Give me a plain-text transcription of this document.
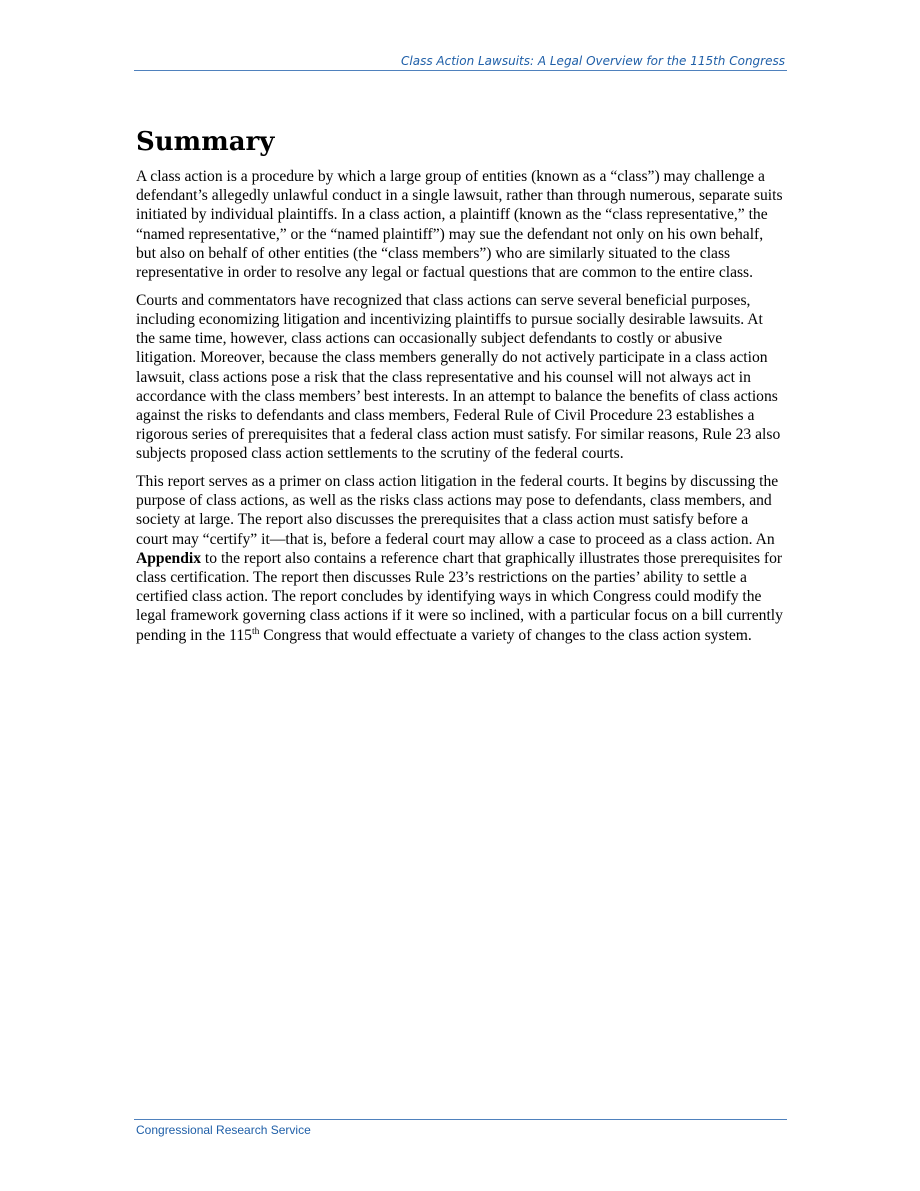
Class Action Lawsuits: A Legal Overview for the 115th Congress
Summary

A class action is a procedure by which a large group of entities (known as a “class”) may challenge a defendant’s allegedly unlawful conduct in a single lawsuit, rather than through numerous, separate suits initiated by individual plaintiffs. In a class action, a plaintiff (known as the “class representative,” the “named representative,” or the “named plaintiff”) may sue the defendant not only on his own behalf, but also on behalf of other entities (the “class members”) who are similarly situated to the class representative in order to resolve any legal or factual questions that are common to the entire class.

Courts and commentators have recognized that class actions can serve several beneficial purposes, including economizing litigation and incentivizing plaintiffs to pursue socially desirable lawsuits. At the same time, however, class actions can occasionally subject defendants to costly or abusive litigation. Moreover, because the class members generally do not actively participate in a class action lawsuit, class actions pose a risk that the class representative and his counsel will not always act in accordance with the class members’ best interests. In an attempt to balance the benefits of class actions against the risks to defendants and class members, Federal Rule of Civil Procedure 23 establishes a rigorous series of prerequisites that a federal class action must satisfy. For similar reasons, Rule 23 also subjects proposed class action settlements to the scrutiny of the federal courts.

This report serves as a primer on class action litigation in the federal courts. It begins by discussing the purpose of class actions, as well as the risks class actions may pose to defendants, class members, and society at large. The report also discusses the prerequisites that a class action must satisfy before a court may “certify” it—that is, before a federal court may allow a case to proceed as a class action. An Appendix to the report also contains a reference chart that graphically illustrates those prerequisites for class certification. The report then discusses Rule 23’s restrictions on the parties’ ability to settle a certified class action. The report concludes by identifying ways in which Congress could modify the legal framework governing class actions if it were so inclined, with a particular focus on a bill currently pending in the 115th Congress that would effectuate a variety of changes to the class action system.

Congressional Research Service
